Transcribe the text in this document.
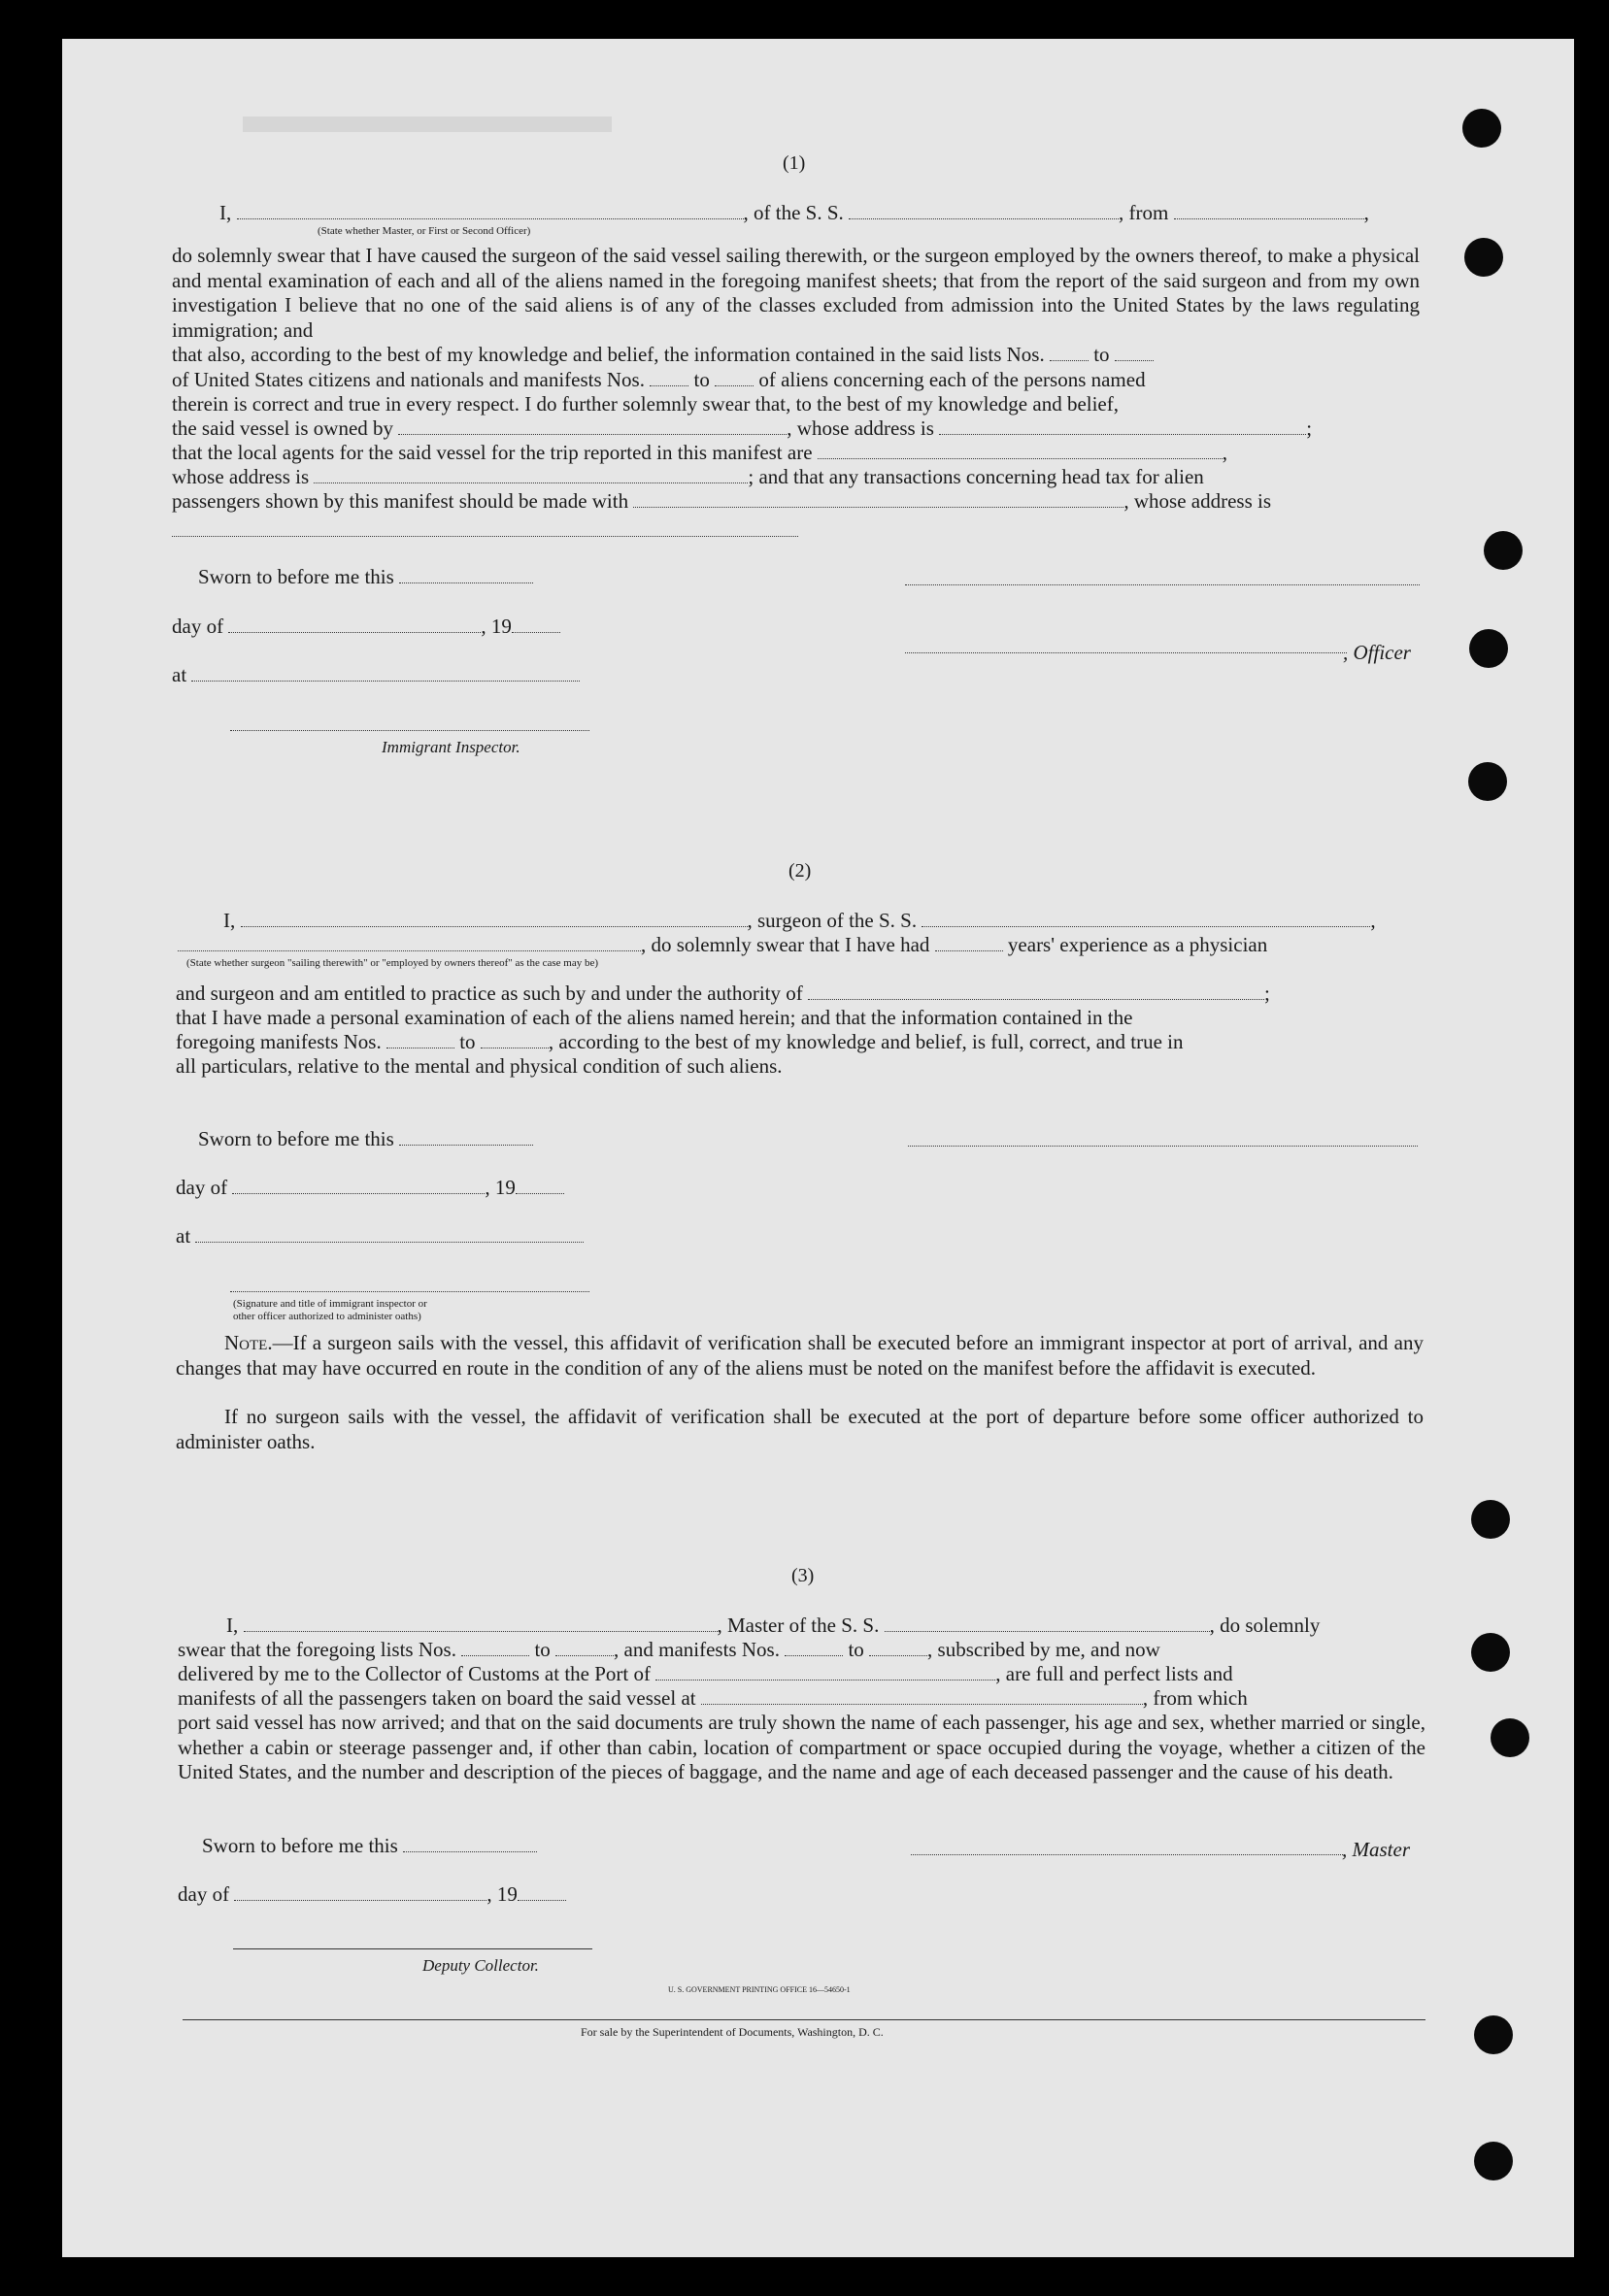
(1)
I,	, of the S. S.	, from	,
(State whether Master, or First or Second Officer)
do solemnly swear that I have caused the surgeon of the said vessel sailing therewith, or the surgeon employed by the owners thereof, to make a physical and mental examination of each and all of the aliens named in the foregoing manifest sheets; that from the report of the said surgeon and from my own investigation I believe that no one of the said aliens is of any of the classes excluded from admission into the United States by the laws regulating immigration; and
that also, according to the best of my knowledge and belief, the information contained in the said lists Nos. to
of United States citizens and nationals and manifests Nos. to of aliens concerning each of the persons named
therein is correct and true in every respect. I do further solemnly swear that, to the best of my knowledge and belief,
the said vessel is owned by	, whose address is	;
that the local agents for the said vessel for the trip reported in this manifest are	,
whose address is	; and that any transactions concerning head tax for alien
passengers shown by this manifest should be made with	, whose address is
Sworn to before me this
day of	, 19
, Officer
at
Immigrant Inspector.
(2)
I,	, surgeon of the S. S.	,
, do solemnly swear that I have had	years' experience as a physician
(State whether surgeon "sailing therewith" or "employed by owners thereof" as the case may be)
and surgeon and am entitled to practice as such by and under the authority of	;
that I have made a personal examination of each of the aliens named herein; and that the information contained in the
foregoing manifests Nos.	to	, according to the best of my knowledge and belief, is full, correct, and true in
all particulars, relative to the mental and physical condition of such aliens.
Sworn to before me this
day of	, 19
at
(Signature and title of immigrant inspector or
other officer authorized to administer oaths)
Note.—If a surgeon sails with the vessel, this affidavit of verification shall be executed before an immigrant inspector at port of arrival, and any changes that may have occurred en route in the condition of any of the aliens must be noted on the manifest before the affidavit is executed.
If no surgeon sails with the vessel, the affidavit of verification shall be executed at the port of departure before some officer authorized to administer oaths.
(3)
I,	, Master of the S. S.	, do solemnly
swear that the foregoing lists Nos.	to	, and manifests Nos.	to	, subscribed by me, and now
delivered by me to the Collector of Customs at the Port of	, are full and perfect lists and
manifests of all the passengers taken on board the said vessel at	, from which
port said vessel has now arrived; and that on the said documents are truly shown the name of each passenger, his age and sex, whether married or single, whether a cabin or steerage passenger and, if other than cabin, location of compartment or space occupied during the voyage, whether a citizen of the United States, and the number and description of the pieces of baggage, and the name and age of each deceased passenger and the cause of his death.
Sworn to before me this	, Master
day of	, 19
Deputy Collector.
U. S. GOVERNMENT PRINTING OFFICE 16—54650-1
For sale by the Superintendent of Documents, Washington, D. C.
